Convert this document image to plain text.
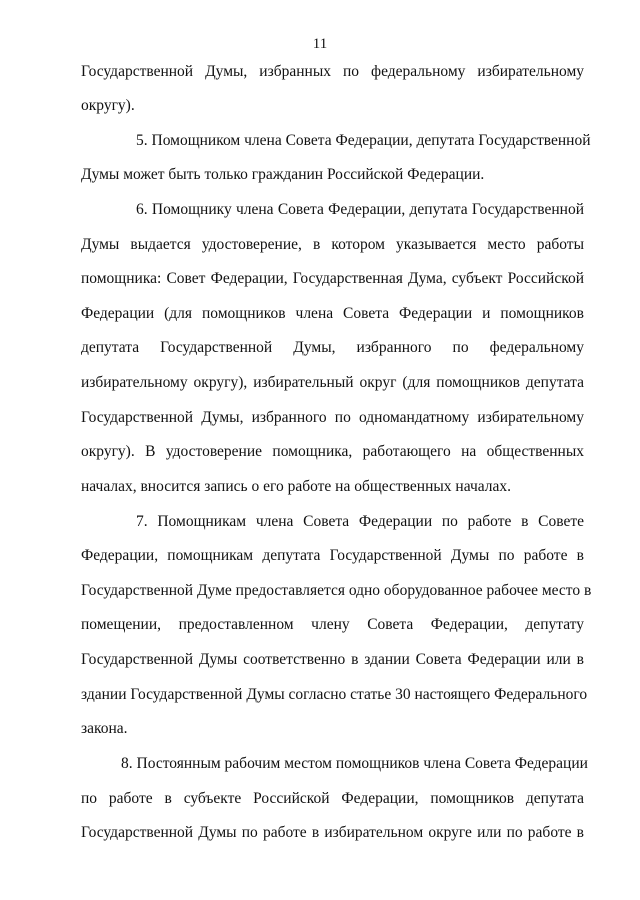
11
Государственной Думы, избранных по федеральному избирательному
округу).
5. Помощником члена Совета Федерации, депутата Государственной
Думы может быть только гражданин Российской Федерации.
6. Помощнику члена Совета Федерации, депутата Государственной
Думы выдается удостоверение, в котором указывается место работы
помощника: Совет Федерации, Государственная Дума, субъект Российской
Федерации (для помощников члена Совета Федерации и помощников
депутата Государственной Думы, избранного по федеральному
избирательному округу), избирательный округ (для помощников депутата
Государственной Думы, избранного по одномандатному избирательному
округу). В удостоверение помощника, работающего на общественных
началах, вносится запись о его работе на общественных началах.
7. Помощникам члена Совета Федерации по работе в Совете
Федерации, помощникам депутата Государственной Думы по работе в
Государственной Думе предоставляется одно оборудованное рабочее место в
помещении, предоставленном члену Совета Федерации, депутату
Государственной Думы соответственно в здании Совета Федерации или в
здании Государственной Думы согласно статье 30 настоящего Федерального
закона.
8. Постоянным рабочим местом помощников члена Совета Федерации
по работе в субъекте Российской Федерации, помощников депутата
Государственной Думы по работе в избирательном округе или по работе в
